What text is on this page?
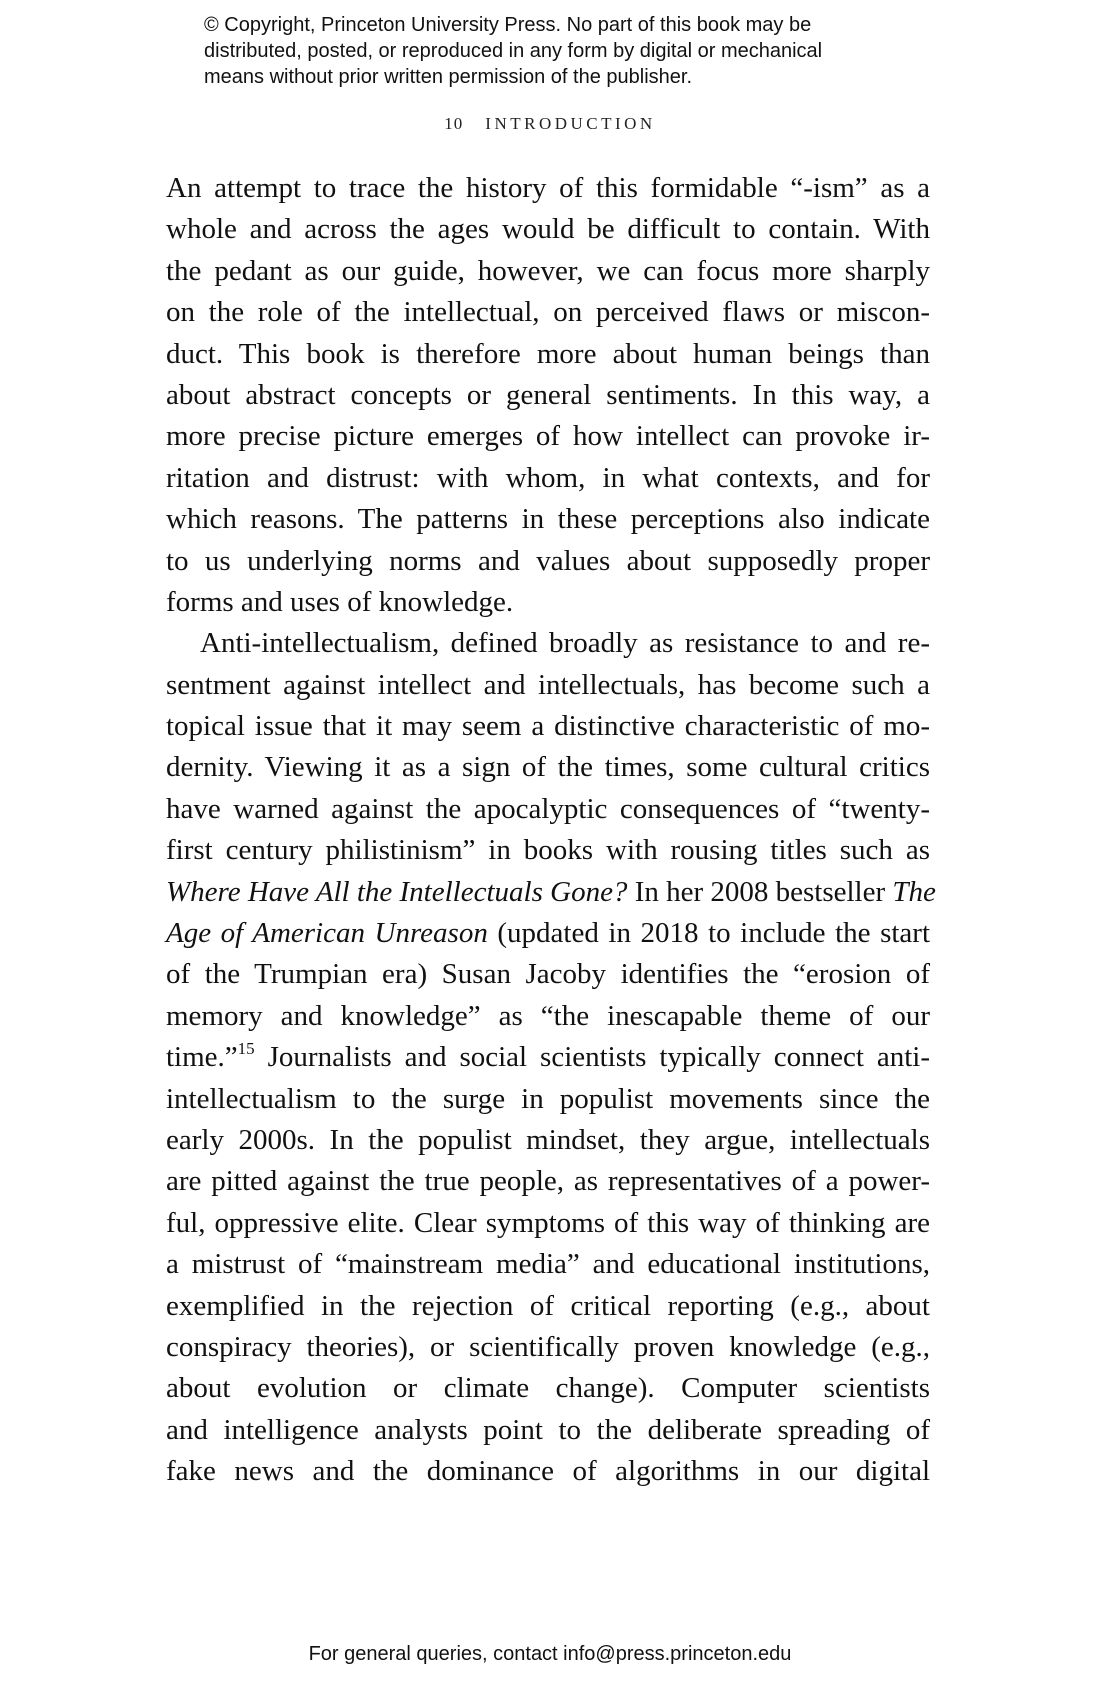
© Copyright, Princeton University Press. No part of this book may be
distributed, posted, or reproduced in any form by digital or mechanical
means without prior written permission of the publisher.
10 INTRODUCTION
An attempt to trace the history of this formidable “-ism” as a
whole and across the ages would be difficult to contain. With
the pedant as our guide, however, we can focus more sharply
on the role of the intellectual, on perceived flaws or miscon-
duct. This book is therefore more about human beings than
about abstract concepts or general sentiments. In this way, a
more precise picture emerges of how intellect can provoke ir-
ritation and distrust: with whom, in what contexts, and for
which reasons. The patterns in these perceptions also indicate
to us underlying norms and values about supposedly proper
forms and uses of knowledge.
Anti-intellectualism, defined broadly as resistance to and re-
sentment against intellect and intellectuals, has become such a
topical issue that it may seem a distinctive characteristic of mo-
dernity. Viewing it as a sign of the times, some cultural critics
have warned against the apocalyptic consequences of “twenty-
first century philistinism” in books with rousing titles such as
Where Have All the Intellectuals Gone? In her 2008 bestseller The
Age of American Unreason (updated in 2018 to include the start
of the Trumpian era) Susan Jacoby identifies the “erosion of
memory and knowledge” as “the inescapable theme of our
time.”$^{15}$ Journalists and social scientists typically connect anti-
intellectualism to the surge in populist movements since the
early 2000s. In the populist mindset, they argue, intellectuals
are pitted against the true people, as representatives of a power-
ful, oppressive elite. Clear symptoms of this way of thinking are
a mistrust of “mainstream media” and educational institutions,
exemplified in the rejection of critical reporting (e.g., about
conspiracy theories), or scientifically proven knowledge (e.g.,
about evolution or climate change). Computer scientists
and intelligence analysts point to the deliberate spreading of
fake news and the dominance of algorithms in our digital
For general queries, contact info@press.princeton.edu
